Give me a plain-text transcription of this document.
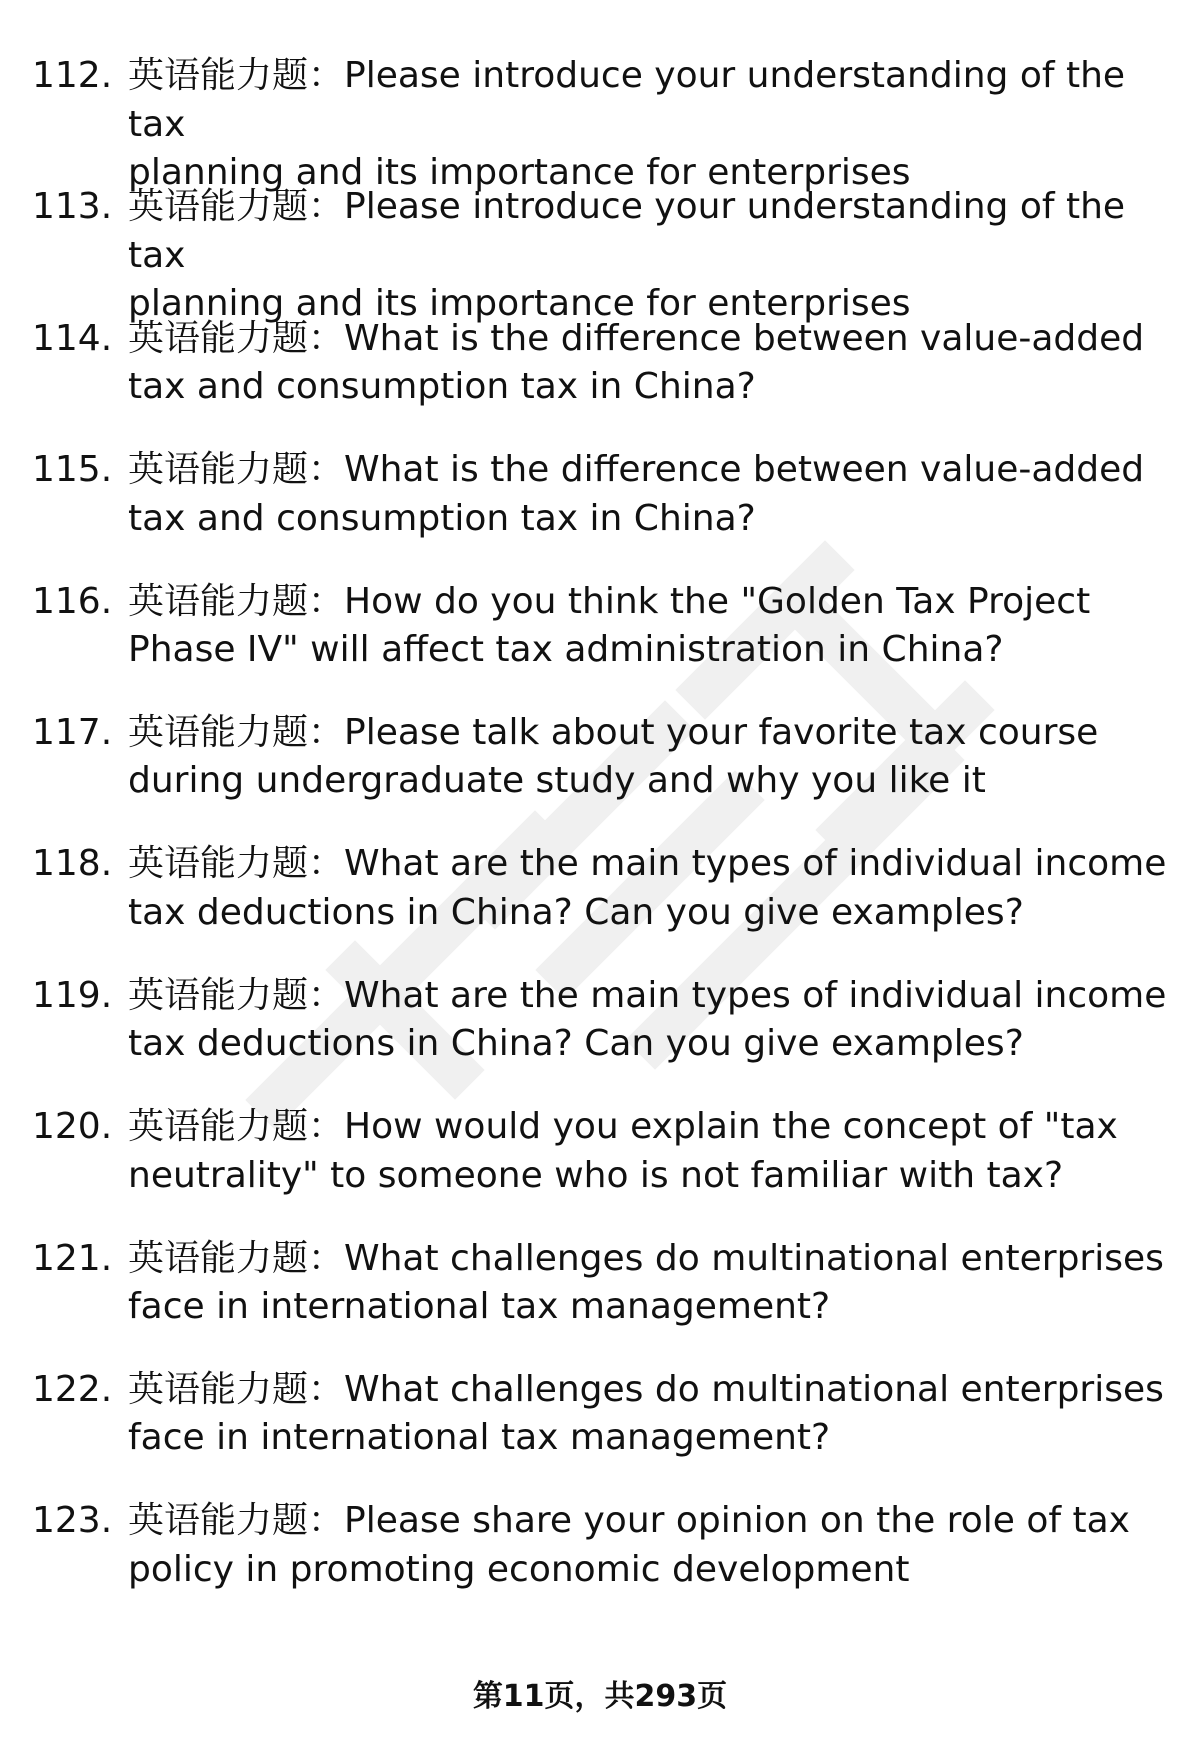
112. 英语能力题：Please introduce your understanding of the tax
planning and its importance for enterprises
113. 英语能力题：Please introduce your understanding of the tax
planning and its importance for enterprises
114. 英语能力题：What is the difference between value-added
tax and consumption tax in China?
115. 英语能力题：What is the difference between value-added
tax and consumption tax in China?
116. 英语能力题：How do you think the "Golden Tax Project
Phase IV" will affect tax administration in China?
117. 英语能力题：Please talk about your favorite tax course
during undergraduate study and why you like it
118. 英语能力题：What are the main types of individual income
tax deductions in China? Can you give examples?
119. 英语能力题：What are the main types of individual income
tax deductions in China? Can you give examples?
120. 英语能力题：How would you explain the concept of "tax
neutrality" to someone who is not familiar with tax?
121. 英语能力题：What challenges do multinational enterprises
face in international tax management?
122. 英语能力题：What challenges do multinational enterprises
face in international tax management?
123. 英语能力题：Please share your opinion on the role of tax
policy in promoting economic development
第11页，共293页
